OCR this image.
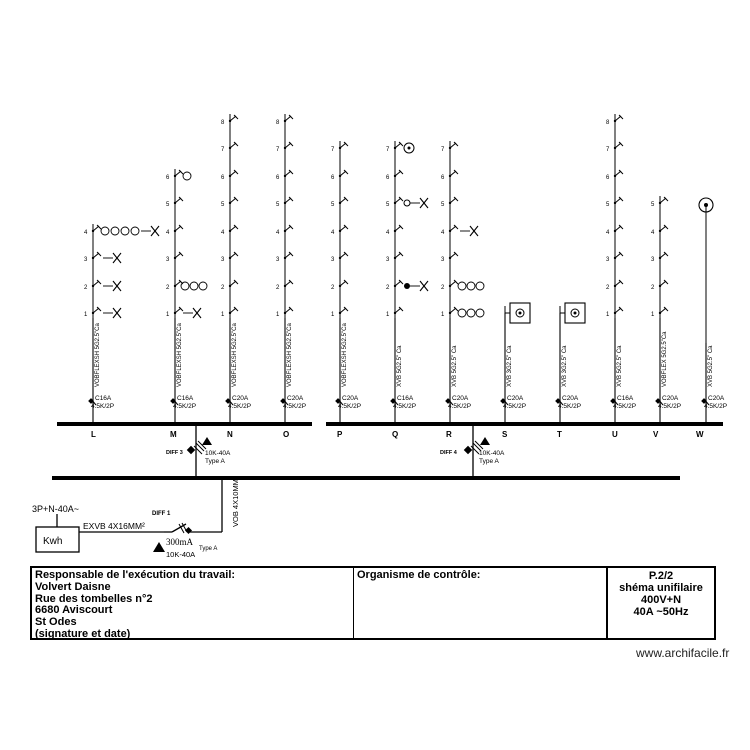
C16A
4.5K/2P
VOBFLEXSH 5G2.5"Ca
1
2
3
4
L
C16A
4.5K/2P
VOBFLEXSH 5G2.5"Ca
1
2
3
4
5
6
M
C20A
4.5K/2P
VOBFLEXSH 5G2.5"Ca
1
2
3
4
5
6
7
8
N
C20A
4.5K/2P
VOBFLEXSH 5G2.5"Ca
1
2
3
4
5
6
7
8
O
C20A
4.5K/2P
VOBFLEXSH 5G2.5"Ca
1
2
3
4
5
6
7
P
C16A
4.5K/2P
XVB 5G2.5" Ca
1
2
3
4
5
6
7
Q
C20A
4.5K/2P
XVB 5G2.5" Ca
1
2
3
4
5
6
7
R
C20A
4.5K/2P
XVB 3G2.5" Ca
S
C20A
4.5K/2P
XVB 3G2.5" Ca
T
C16A
4.5K/2P
XVB 5G2.5" Ca
1
2
3
4
5
6
7
8
U
C20A
4.5K/2P
VOBFLEX 5G2.5"Ca
1
2
3
4
5
V
C20A
4.5K/2P
XVB 5G2.5" Ca
W
DIFF 3	10K-40A
Type A
DIFF 4	10K-40A
Type A
3P+N-40A~
Kwh
EXVB 4X16MM²
DIFF 1
300mA
10K-40A
Type A
VOB 4X10MM²
Responsable de l'exécution du travail:
Volvert Daisne
Rue des tombelles n°2
6680 Aviscourt
St Odes
(signature et date)
Organisme de contrôle:	P.2/2
shéma unifilaire
400V+N
40A ~50Hz
www.archifacile.fr
